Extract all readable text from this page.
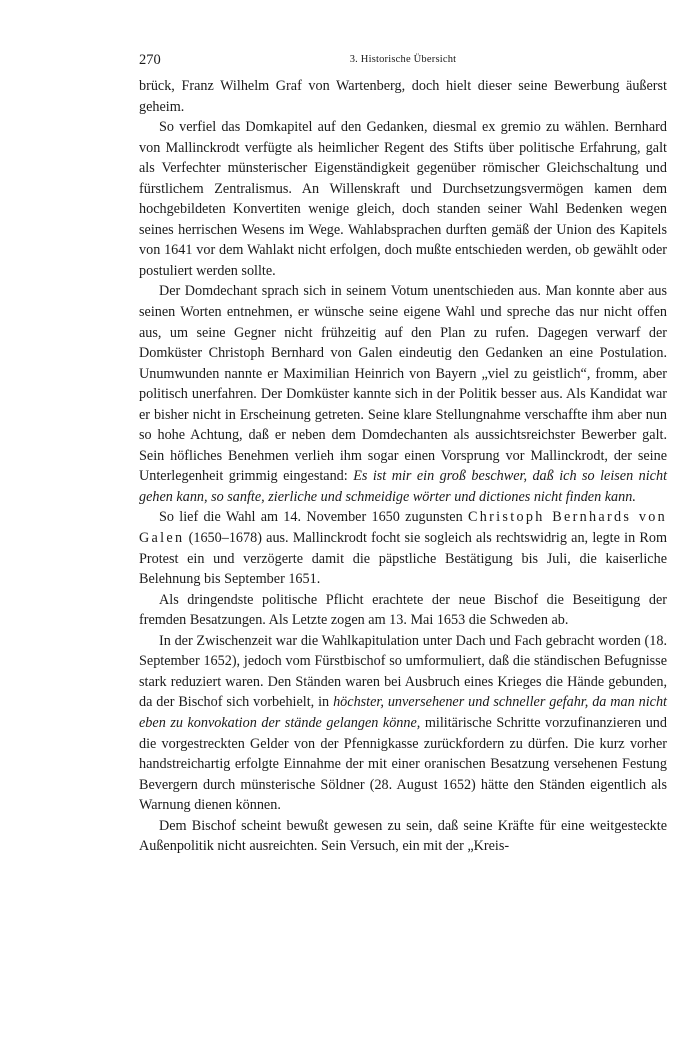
270	3. Historische Übersicht

brück, Franz Wilhelm Graf von Wartenberg, doch hielt dieser seine Bewerbung äußerst geheim.

So verfiel das Domkapitel auf den Gedanken, diesmal ex gremio zu wählen. Bernhard von Mallinckrodt verfügte als heimlicher Regent des Stifts über politische Erfahrung, galt als Verfechter münsterischer Eigenständigkeit gegenüber römischer Gleichschaltung und fürstlichem Zentralismus. An Willenskraft und Durchsetzungsvermögen kamen dem hochgebildeten Konvertiten wenige gleich, doch standen seiner Wahl Bedenken wegen seines herrischen Wesens im Wege. Wahlabsprachen durften gemäß der Union des Kapitels von 1641 vor dem Wahlakt nicht erfolgen, doch mußte entschieden werden, ob gewählt oder postuliert werden sollte.

Der Domdechant sprach sich in seinem Votum unentschieden aus. Man konnte aber aus seinen Worten entnehmen, er wünsche seine eigene Wahl und spreche das nur nicht offen aus, um seine Gegner nicht frühzeitig auf den Plan zu rufen. Dagegen verwarf der Domküster Christoph Bernhard von Galen eindeutig den Gedanken an eine Postulation. Unumwunden nannte er Maximilian Heinrich von Bayern „viel zu geistlich“, fromm, aber politisch unerfahren. Der Domküster kannte sich in der Politik besser aus. Als Kandidat war er bisher nicht in Erscheinung getreten. Seine klare Stellungnahme verschaffte ihm aber nun so hohe Achtung, daß er neben dem Domdechanten als aussichtsreichster Bewerber galt. Sein höfliches Benehmen verlieh ihm sogar einen Vorsprung vor Mallinckrodt, der seine Unterlegenheit grimmig eingestand: Es ist mir ein groß beschwer, daß ich so leisen nicht gehen kann, so sanfte, zierliche und schmeidige wörter und dictiones nicht finden kann.

So lief die Wahl am 14. November 1650 zugunsten Christoph Bernhards von Galen (1650–1678) aus. Mallinckrodt focht sie sogleich als rechtswidrig an, legte in Rom Protest ein und verzögerte damit die päpstliche Bestätigung bis Juli, die kaiserliche Belehnung bis September 1651.

Als dringendste politische Pflicht erachtete der neue Bischof die Beseitigung der fremden Besatzungen. Als Letzte zogen am 13. Mai 1653 die Schweden ab.

In der Zwischenzeit war die Wahlkapitulation unter Dach und Fach gebracht worden (18. September 1652), jedoch vom Fürstbischof so umformuliert, daß die ständischen Befugnisse stark reduziert waren. Den Ständen waren bei Ausbruch eines Krieges die Hände gebunden, da der Bischof sich vorbehielt, in höchster, unversehener und schneller gefahr, da man nicht eben zu konvokation der stände gelangen könne, militärische Schritte vorzufinanzieren und die vorgestreckten Gelder von der Pfennigkasse zurückfordern zu dürfen. Die kurz vorher handstreichartig erfolgte Einnahme der mit einer oranischen Besatzung versehenen Festung Bevergern durch münsterische Söldner (28. August 1652) hätte den Ständen eigentlich als Warnung dienen können.

Dem Bischof scheint bewußt gewesen zu sein, daß seine Kräfte für eine weitgesteckte Außenpolitik nicht ausreichten. Sein Versuch, ein mit der „Kreis-
